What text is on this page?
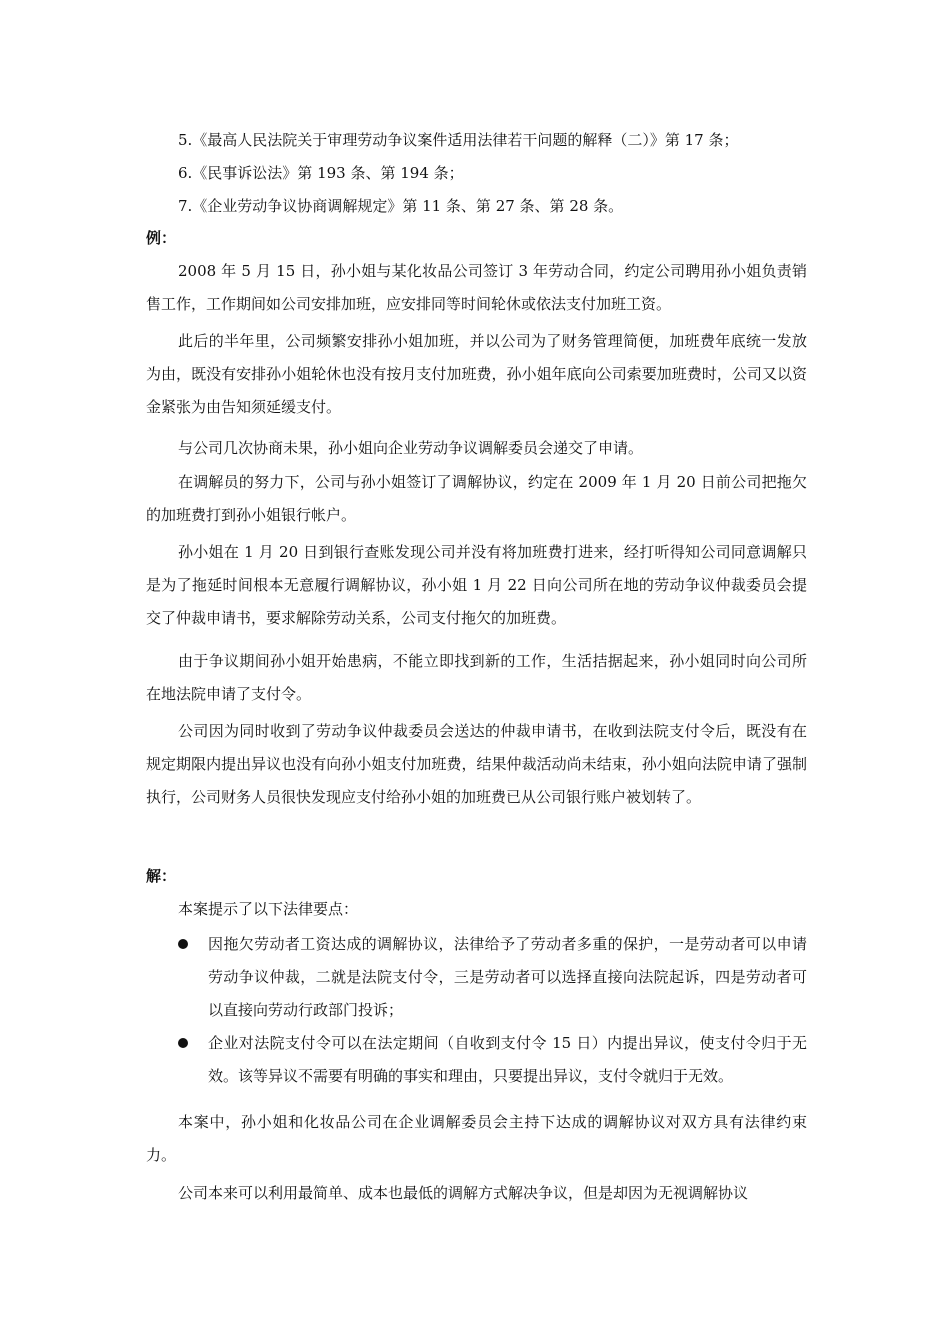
5.《最高人民法院关于审理劳动争议案件适用法律若干问题的解释（二）》第 17 条；
6.《民事诉讼法》第 193 条、第 194 条；
7.《企业劳动争议协商调解规定》第 11 条、第 27 条、第 28 条。
例：
2008 年 5 月 15 日，孙小姐与某化妆品公司签订 3 年劳动合同，约定公司聘用孙小姐负责销售工作，工作期间如公司安排加班，应安排同等时间轮休或依法支付加班工资。
此后的半年里，公司频繁安排孙小姐加班，并以公司为了财务管理简便，加班费年底统一发放为由，既没有安排孙小姐轮休也没有按月支付加班费，孙小姐年底向公司索要加班费时，公司又以资金紧张为由告知须延缓支付。
与公司几次协商未果，孙小姐向企业劳动争议调解委员会递交了申请。
在调解员的努力下，公司与孙小姐签订了调解协议，约定在 2009 年 1 月 20 日前公司把拖欠的加班费打到孙小姐银行帐户。
孙小姐在 1 月 20 日到银行查账发现公司并没有将加班费打进来，经打听得知公司同意调解只是为了拖延时间根本无意履行调解协议，孙小姐 1 月 22 日向公司所在地的劳动争议仲裁委员会提交了仲裁申请书，要求解除劳动关系，公司支付拖欠的加班费。
由于争议期间孙小姐开始患病，不能立即找到新的工作，生活拮据起来，孙小姐同时向公司所在地法院申请了支付令。
公司因为同时收到了劳动争议仲裁委员会送达的仲裁申请书，在收到法院支付令后，既没有在规定期限内提出异议也没有向孙小姐支付加班费，结果仲裁活动尚未结束，孙小姐向法院申请了强制执行，公司财务人员很快发现应支付给孙小姐的加班费已从公司银行账户被划转了。
解：
本案提示了以下法律要点：
因拖欠劳动者工资达成的调解协议，法律给予了劳动者多重的保护，一是劳动者可以申请劳动争议仲裁，二就是法院支付令，三是劳动者可以选择直接向法院起诉，四是劳动者可以直接向劳动行政部门投诉；
企业对法院支付令可以在法定期间（自收到支付令 15 日）内提出异议，使支付令归于无效。该等异议不需要有明确的事实和理由，只要提出异议，支付令就归于无效。
本案中，孙小姐和化妆品公司在企业调解委员会主持下达成的调解协议对双方具有法律约束力。
公司本来可以利用最简单、成本也最低的调解方式解决争议，但是却因为无视调解协议
